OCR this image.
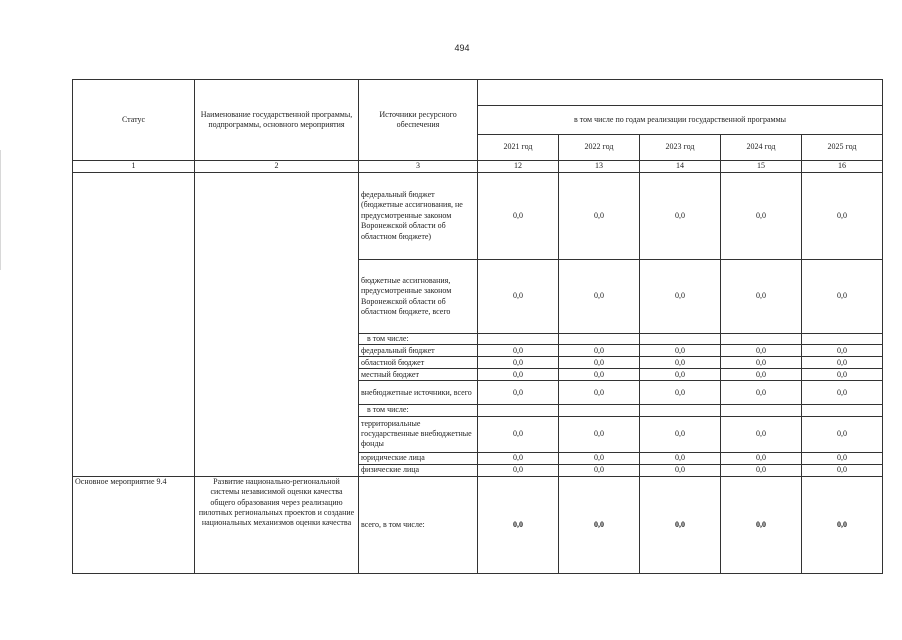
494
Статус	Наименование государственной программы, подпрограммы, основного мероприятия	Источники ресурсного обеспечения					
			в том числе по годам реализации государственной программы				
			2021 год	2022 год	2023 год	2024 год	2025 год
1	2	3	12	13	14	15	16
		федеральный бюджет (бюджетные ассигнования, не предусмотренные законом Воронежской области об областном бюджете)	0,0	0,0	0,0	0,0	0,0
		бюджетные ассигнования, предусмотренные законом Воронежской области об областном бюджете, всего	0,0	0,0	0,0	0,0	0,0
		в том числе:					
		федеральный бюджет	0,0	0,0	0,0	0,0	0,0
		областной бюджет	0,0	0,0	0,0	0,0	0,0
		местный бюджет	0,0	0,0	0,0	0,0	0,0
		внебюджетные источники, всего	0,0	0,0	0,0	0,0	0,0
		в том числе:					
		территориальные государственные внебюджетные фонды	0,0	0,0	0,0	0,0	0,0
		юридические лица	0,0	0,0	0,0	0,0	0,0
		физические лица	0,0	0,0	0,0	0,0	0,0
Основное мероприятие 9.4	Развитие национально-региональной системы независимой оценки качества общего образования через реализацию пилотных региональных проектов и создание национальных механизмов оценки качества	всего, в том числе:	0,0	0,0	0,0	0,0	0,0
